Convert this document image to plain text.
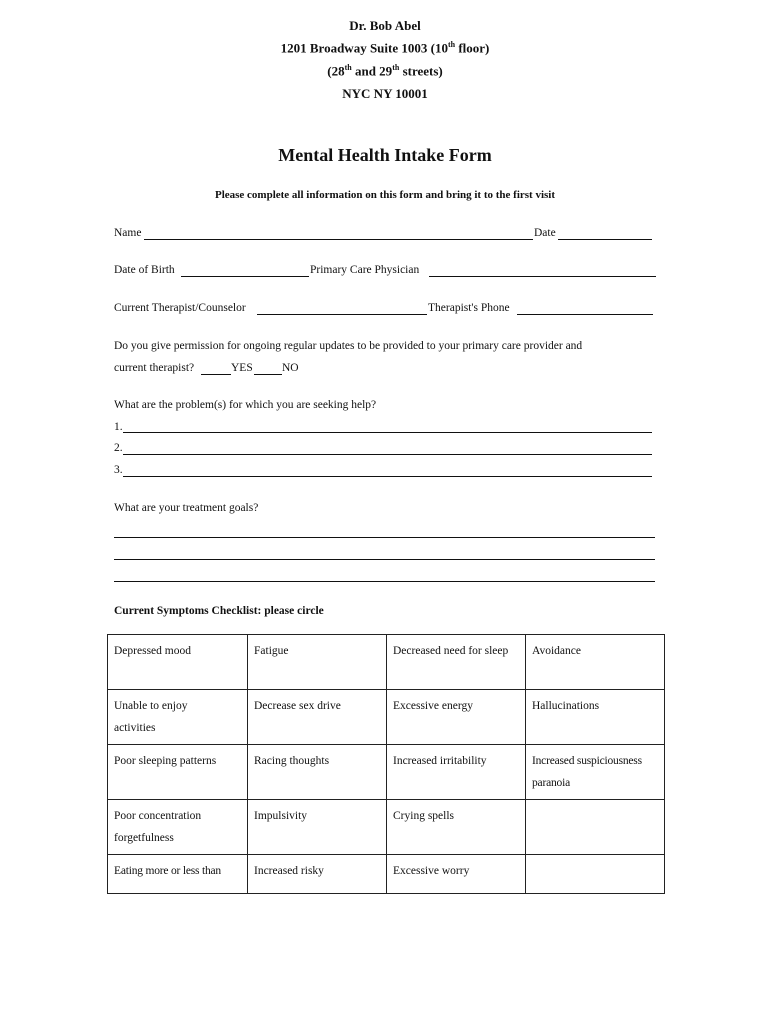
Dr. Bob Abel
1201 Broadway Suite 1003 (10th floor)
(28th and 29th streets)
NYC NY 10001
Mental Health Intake Form
Please complete all information on this form and bring it to the first visit
Name	Date
Date of Birth	Primary Care Physician
Current Therapist/Counselor	Therapist's Phone
Do you give permission for ongoing regular updates to be provided to your primary care provider and
current therapist?	YES	NO
What are the problem(s) for which you are seeking help?
1.
2.
3.
What are your treatment goals?
Current Symptoms Checklist: please circle
Depressed mood	Fatigue	Decreased need for sleep	Avoidance
Unable to enjoy activities	Decrease sex drive	Excessive energy	Hallucinations
Poor sleeping patterns	Racing thoughts	Increased irritability	Increased suspiciousness paranoia
Poor concentration forgetfulness	Impulsivity	Crying spells	
Eating more or less than	Increased risky	Excessive worry	
